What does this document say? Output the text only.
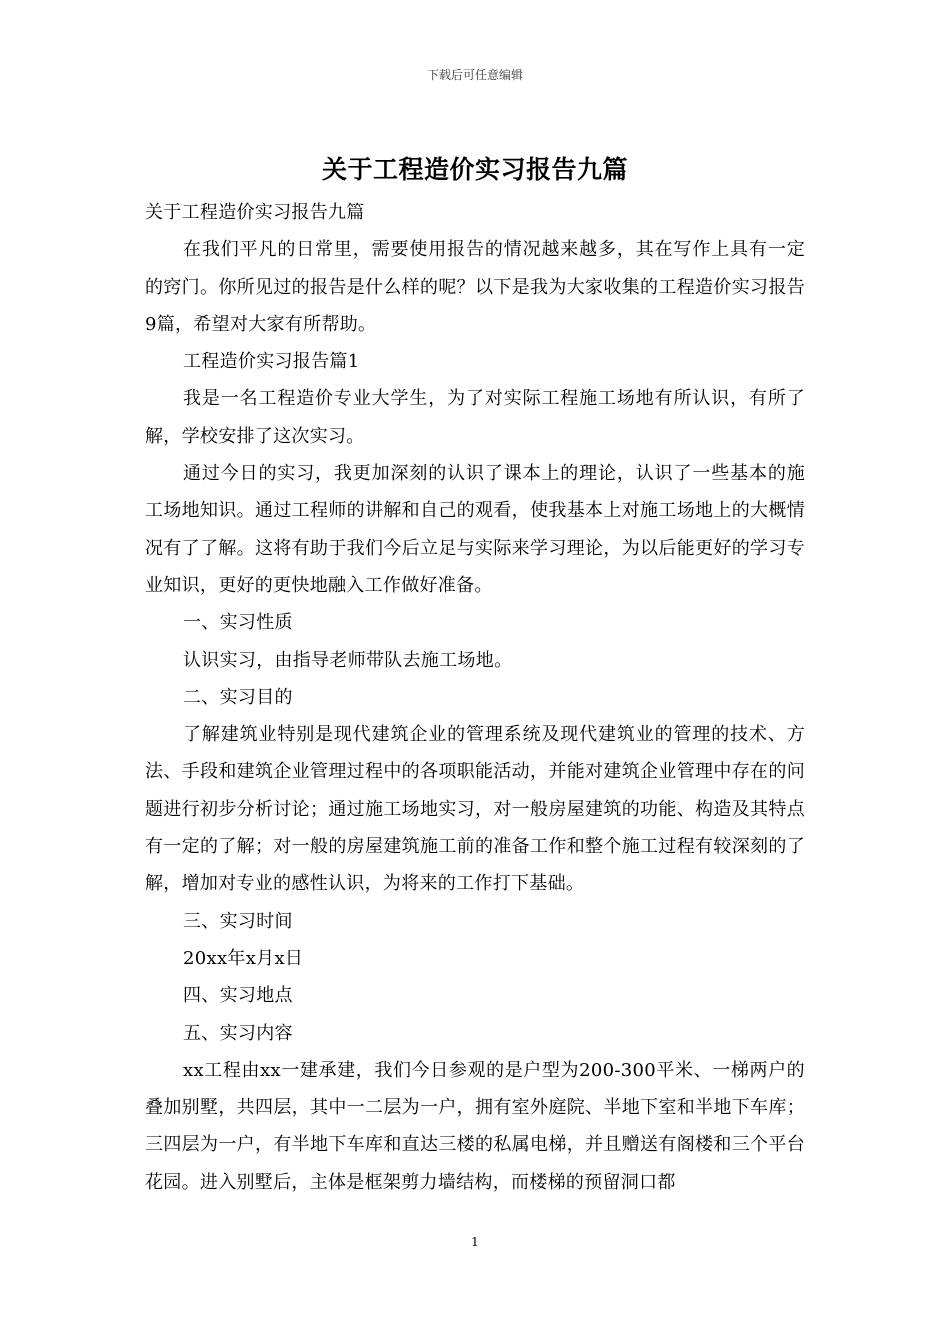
下载后可任意编辑
关于工程造价实习报告九篇

关于工程造价实习报告九篇

在我们平凡的日常里，需要使用报告的情况越来越多，其在写作上具有一定的窍门。你所见过的报告是什么样的呢？以下是我为大家收集的工程造价实习报告9篇，希望对大家有所帮助。

工程造价实习报告篇1

我是一名工程造价专业大学生，为了对实际工程施工场地有所认识，有所了解，学校安排了这次实习。

通过今日的实习，我更加深刻的认识了课本上的理论，认识了一些基本的施工场地知识。通过工程师的讲解和自己的观看，使我基本上对施工场地上的大概情况有了了解。这将有助于我们今后立足与实际来学习理论，为以后能更好的学习专业知识，更好的更快地融入工作做好准备。

一、实习性质

认识实习，由指导老师带队去施工场地。

二、实习目的

了解建筑业特别是现代建筑企业的管理系统及现代建筑业的管理的技术、方法、手段和建筑企业管理过程中的各项职能活动，并能对建筑企业管理中存在的问题进行初步分析讨论；通过施工场地实习，对一般房屋建筑的功能、构造及其特点有一定的了解；对一般的房屋建筑施工前的准备工作和整个施工过程有较深刻的了解，增加对专业的感性认识，为将来的工作打下基础。

三、实习时间

20xx年x月x日

四、实习地点

五、实习内容

xx工程由xx一建承建，我们今日参观的是户型为200-300平米、一梯两户的叠加别墅，共四层，其中一二层为一户，拥有室外庭院、半地下室和半地下车库；三四层为一户，有半地下车库和直达三楼的私属电梯，并且赠送有阁楼和三个平台花园。进入别墅后，主体是框架剪力墙结构，而楼梯的预留洞口都

1
